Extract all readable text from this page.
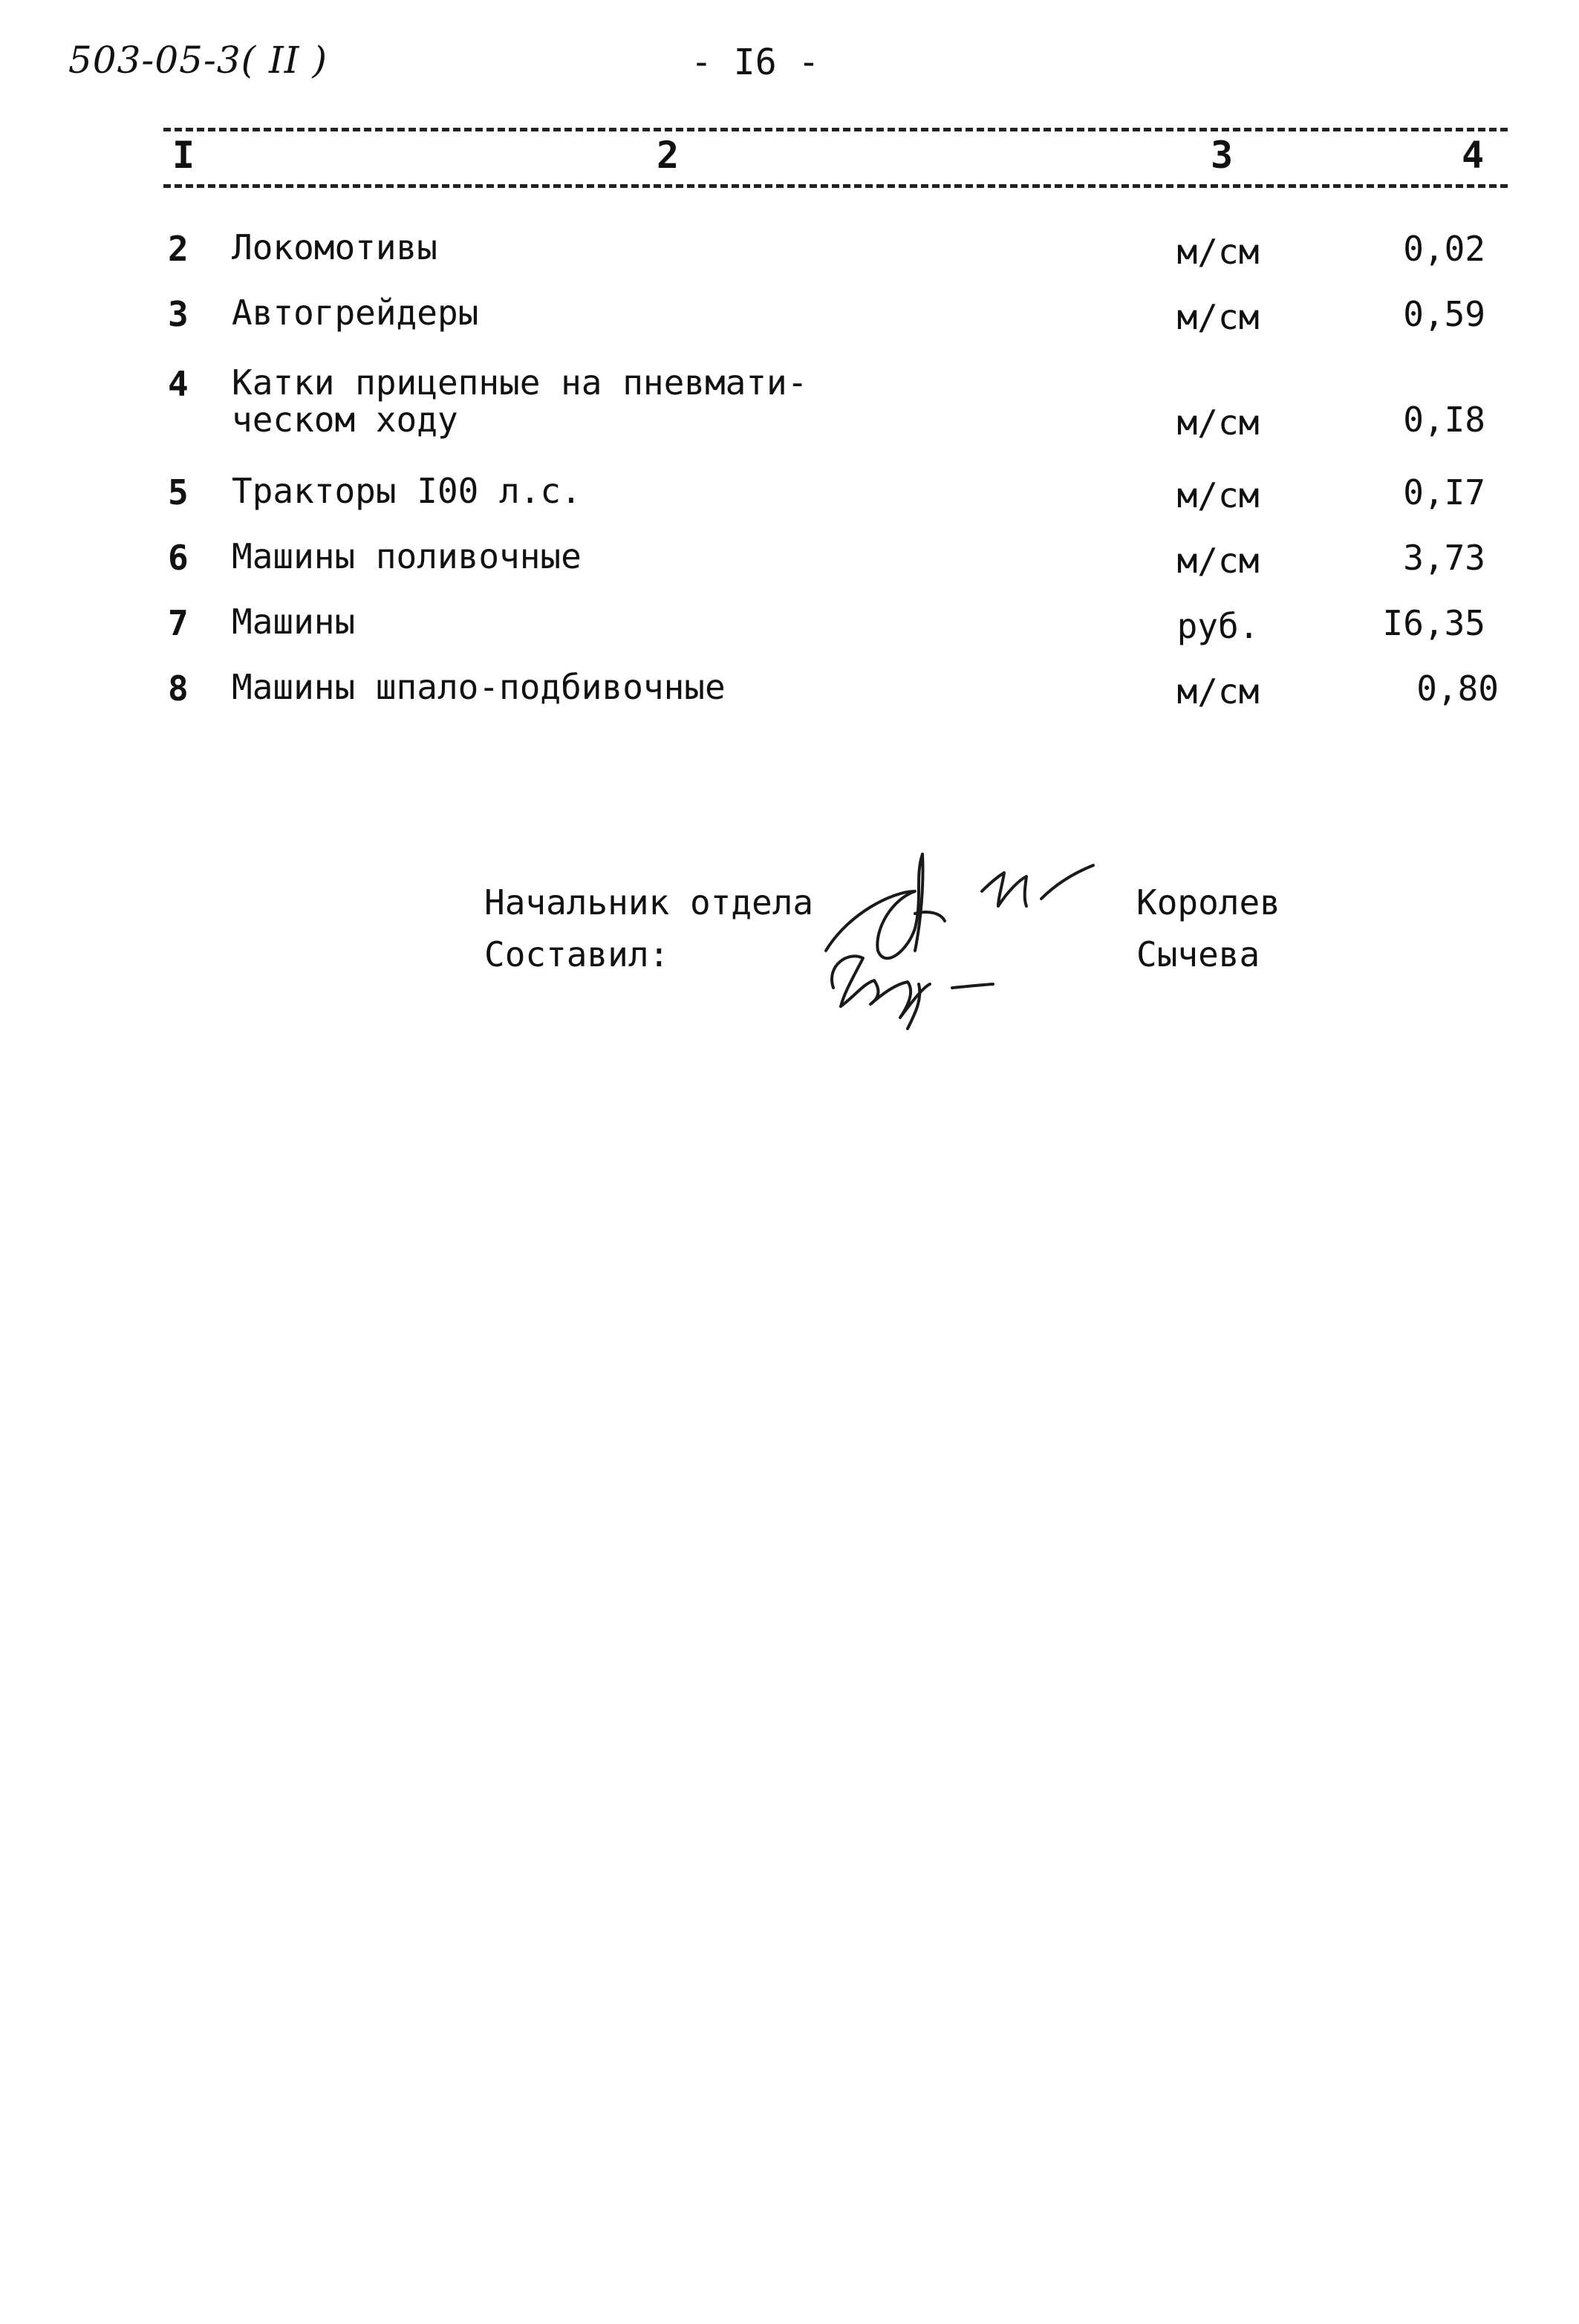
503-05-3( II )	- I6 -
I	2	3	4
2 Локомотивы	м/см	0,02
3 Автогрейдеры	м/см	0,59
4 Катки прицепные на пневмати-
ческом ходу	м/см	0,I8
5 Тракторы I00 л.с.	м/см	0,I7
6 Машины поливочные	м/см	3,73
7 Машины	руб.	I6,35
8 Машины шпало-подбивочные	м/см	0,80
Начальник отдела	Королев
Составил:	Сычева
